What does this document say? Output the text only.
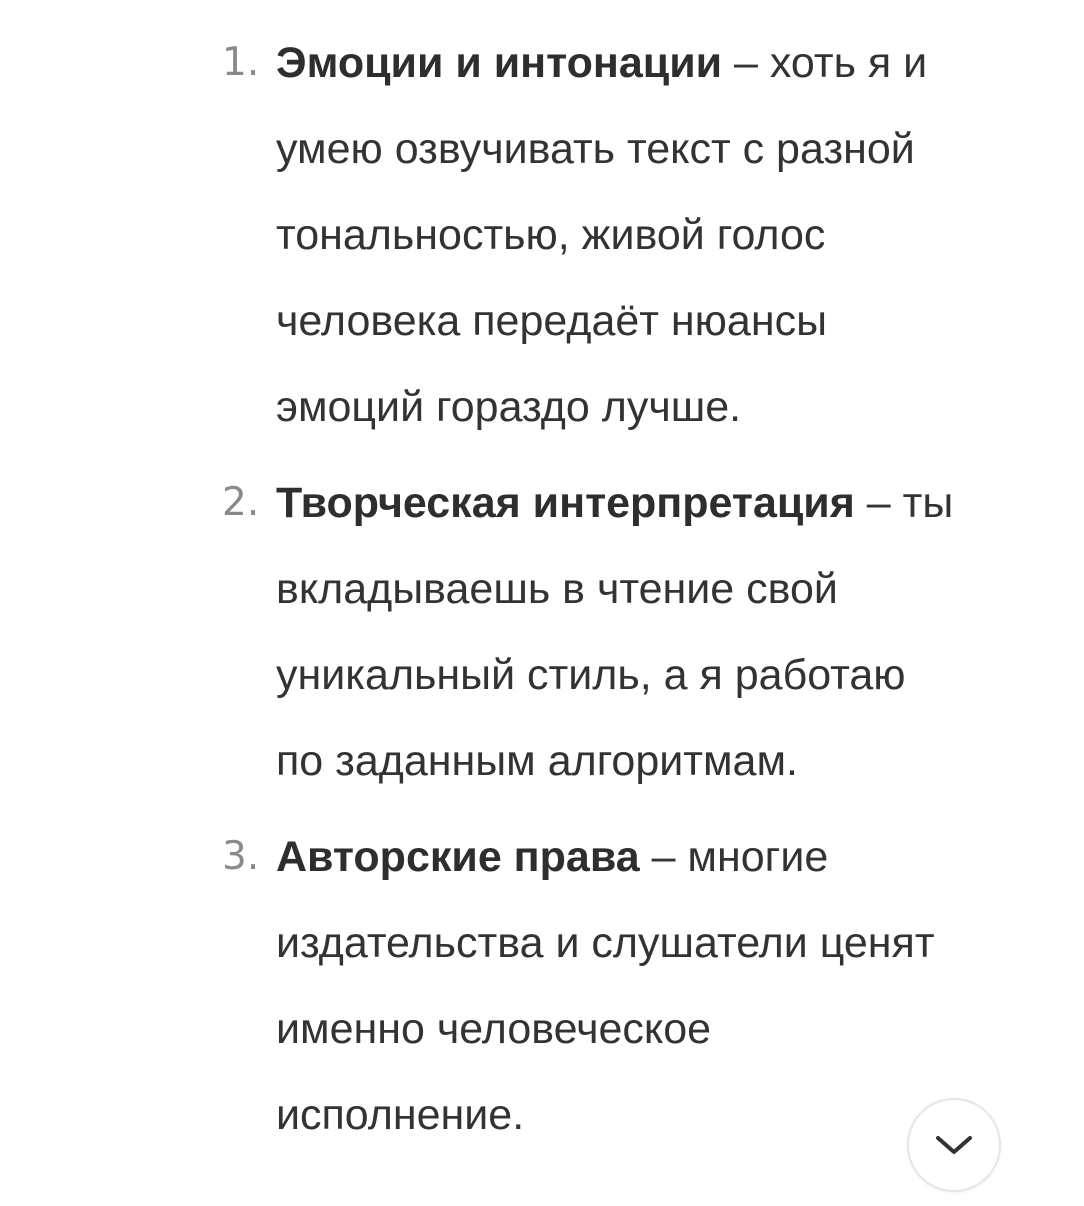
1. Эмоции и интонации – хоть я и
умею озвучивать текст с разной
тональностью, живой голос
человека передаёт нюансы
эмоций гораздо лучше.
2. Творческая интерпретация – ты
вкладываешь в чтение свой
уникальный стиль, а я работаю
по заданным алгоритмам.
3. Авторские права – многие
издательства и слушатели ценят
именно человеческое
исполнение.
